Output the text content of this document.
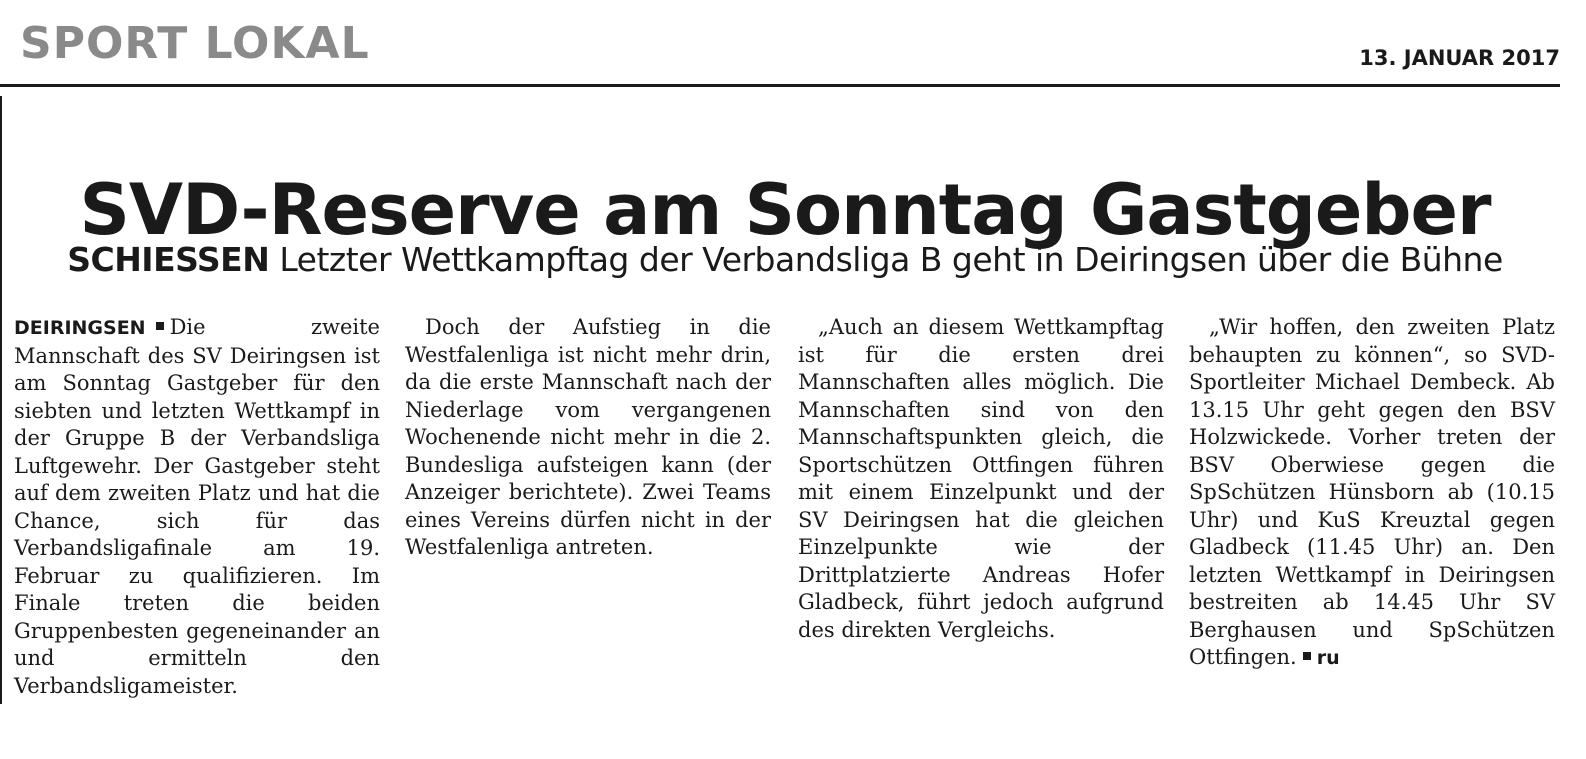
SPORT LOKAL	13. JANUAR 2017
SVD-Reserve am Sonntag Gastgeber
SCHIESSEN Letzter Wettkampftag der Verbandsliga B geht in Deiringsen über die Bühne

DEIRINGSEN Die zweite Mannschaft des SV Deiringsen ist am Sonntag Gastgeber für den siebten und letzten Wettkampf in der Gruppe B der Verbandsliga Luftgewehr. Der Gastgeber steht auf dem zweiten Platz und hat die Chance, sich für das Verbandsligafinale am 19. Februar zu qualifizieren. Im Finale treten die beiden Gruppenbesten gegeneinander an und ermitteln den Verbandsligameister.

Doch der Aufstieg in die Westfalenliga ist nicht mehr drin, da die erste Mannschaft nach der Niederlage vom vergangenen Wochenende nicht mehr in die 2. Bundesliga aufsteigen kann (der Anzeiger berichtete). Zwei Teams eines Vereins dürfen nicht in der Westfalenliga antreten.

„Auch an diesem Wettkampftag ist für die ersten drei Mannschaften alles möglich. Die Mannschaften sind von den Mannschaftspunkten gleich, die Sportschützen Ottfingen führen mit einem Einzelpunkt und der SV Deiringsen hat die gleichen Einzelpunkte wie der Drittplatzierte Andreas Hofer Gladbeck, führt jedoch aufgrund des direkten Vergleichs.

„Wir hoffen, den zweiten Platz behaupten zu können“, so SVD-Sportleiter Michael Dembeck. Ab 13.15 Uhr geht gegen den BSV Holzwickede. Vorher treten der BSV Oberwiese gegen die SpSchützen Hünsborn ab (10.15 Uhr) und KuS Kreuztal gegen Gladbeck (11.45 Uhr) an. Den letzten Wettkampf in Deiringsen bestreiten ab 14.45 Uhr SV Berghausen und SpSchützen Ottfingen. ru
